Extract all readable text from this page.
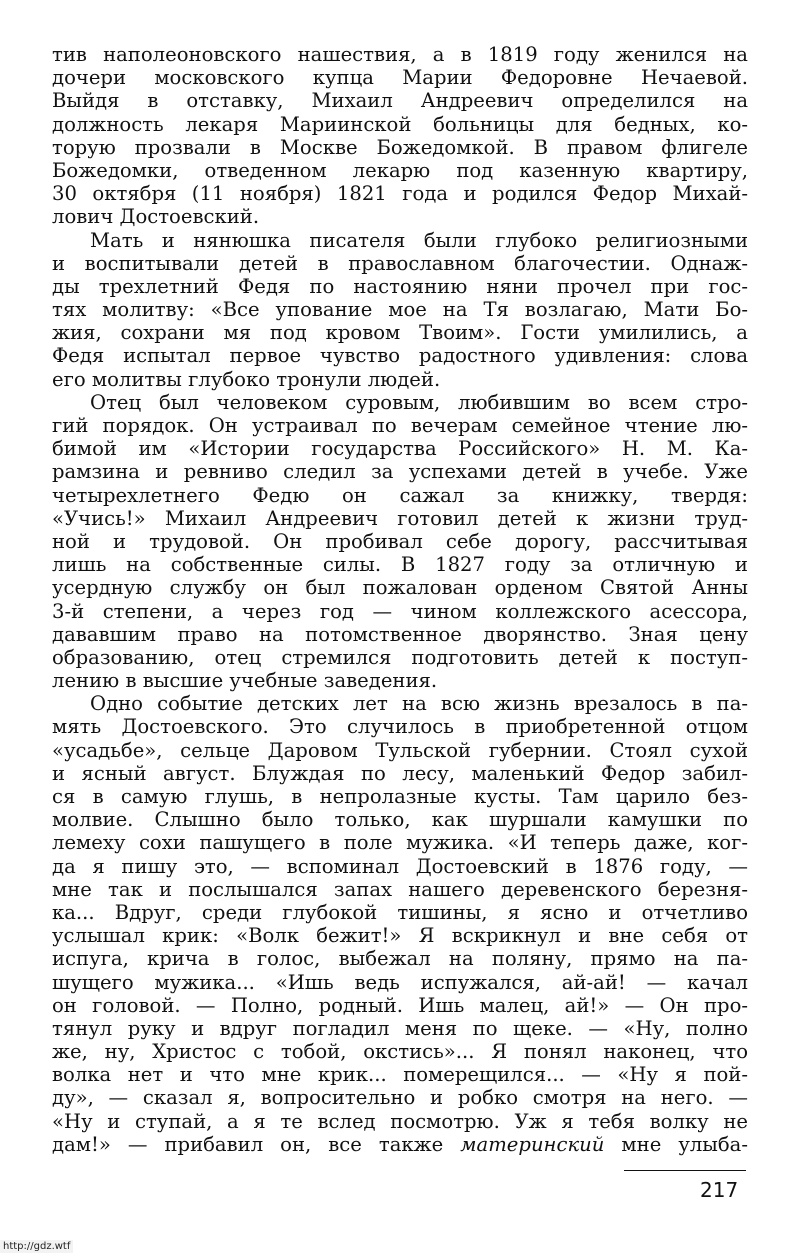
тив наполеоновского нашествия, а в 1819 году женился на
дочери московского купца Марии Федоровне Нечаевой.
Выйдя в отставку, Михаил Андреевич определился на
должность лекаря Мариинской больницы для бедных, ко-
торую прозвали в Москве Божедомкой. В правом флигеле
Божедомки, отведенном лекарю под казенную квартиру,
30 октября (11 ноября) 1821 года и родился Федор Михай-
лович Достоевский.
Мать и нянюшка писателя были глубоко религиозными
и воспитывали детей в православном благочестии. Однаж-
ды трехлетний Федя по настоянию няни прочел при гос-
тях молитву: «Все упование мое на Тя возлагаю, Мати Бо-
жия, сохрани мя под кровом Твоим». Гости умилились, а
Федя испытал первое чувство радостного удивления: слова
его молитвы глубоко тронули людей.
Отец был человеком суровым, любившим во всем стро-
гий порядок. Он устраивал по вечерам семейное чтение лю-
бимой им «Истории государства Российского» Н. М. Ка-
рамзина и ревниво следил за успехами детей в учебе. Уже
четырехлетнего Федю он сажал за книжку, твердя:
«Учись!» Михаил Андреевич готовил детей к жизни труд-
ной и трудовой. Он пробивал себе дорогу, рассчитывая
лишь на собственные силы. В 1827 году за отличную и
усердную службу он был пожалован орденом Святой Анны
3-й степени, а через год — чином коллежского асессора,
дававшим право на потомственное дворянство. Зная цену
образованию, отец стремился подготовить детей к поступ-
лению в высшие учебные заведения.
Одно событие детских лет на всю жизнь врезалось в па-
мять Достоевского. Это случилось в приобретенной отцом
«усадьбе», сельце Даровом Тульской губернии. Стоял сухой
и ясный август. Блуждая по лесу, маленький Федор забил-
ся в самую глушь, в непролазные кусты. Там царило без-
молвие. Слышно было только, как шуршали камушки по
лемеху сохи пашущего в поле мужика. «И теперь даже, ког-
да я пишу это, — вспоминал Достоевский в 1876 году, —
мне так и послышался запах нашего деревенского березня-
ка... Вдруг, среди глубокой тишины, я ясно и отчетливо
услышал крик: «Волк бежит!» Я вскрикнул и вне себя от
испуга, крича в голос, выбежал на поляну, прямо на па-
шущего мужика... «Ишь ведь испужался, ай-ай! — качал
он головой. — Полно, родный. Ишь малец, ай!» — Он про-
тянул руку и вдруг погладил меня по щеке. — «Ну, полно
же, ну, Христос с тобой, окстись»... Я понял наконец, что
волка нет и что мне крик... померещился... — «Ну я пой-
ду», — сказал я, вопросительно и робко смотря на него. —
«Ну и ступай, а я те вслед посмотрю. Уж я тебя волку не
дам!» — прибавил он, все также материнский мне улыба-
217
http://gdz.wtf
